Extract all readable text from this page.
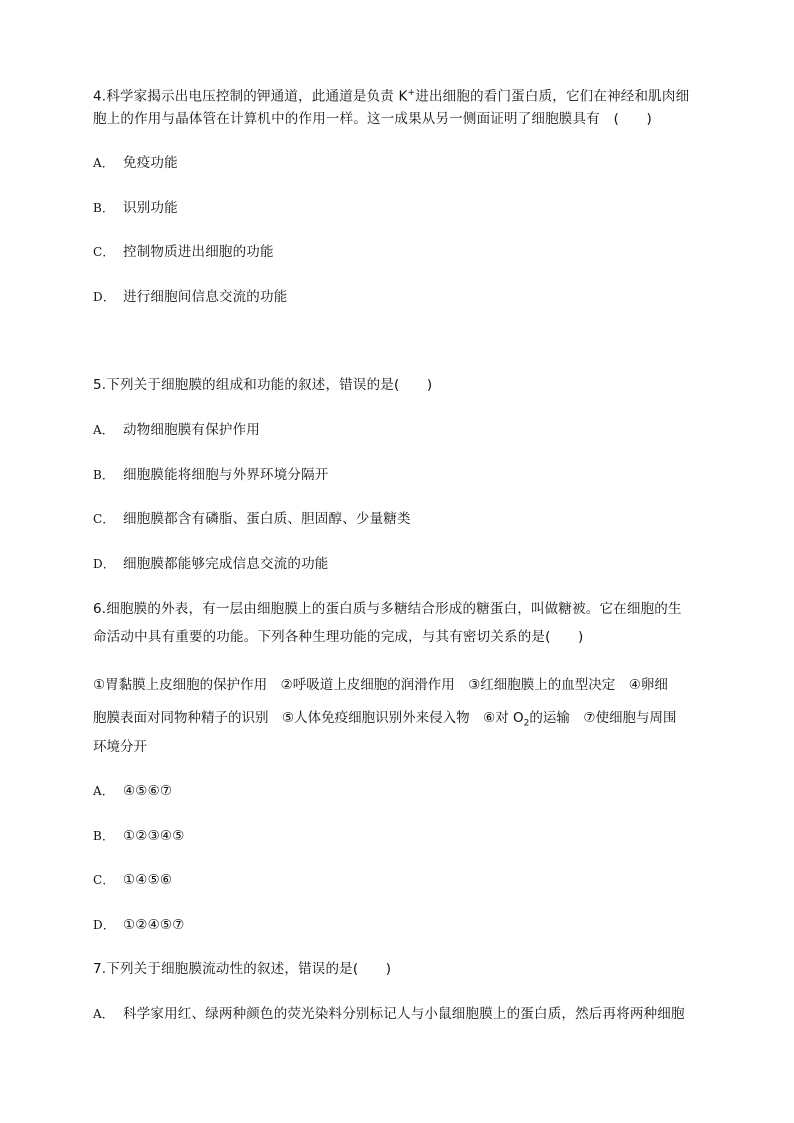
4.科学家揭示出电压控制的钾通道，此通道是负责 K+进出细胞的看门蛋白质，它们在神经和肌肉细

胞上的作用与晶体管在计算机中的作用一样。这一成果从另一侧面证明了细胞膜具有　(　　)

A． 免疫功能

B． 识别功能

C． 控制物质进出细胞的功能

D． 进行细胞间信息交流的功能

5.下列关于细胞膜的组成和功能的叙述，错误的是(　　)

A． 动物细胞膜有保护作用

B． 细胞膜能将细胞与外界环境分隔开

C． 细胞膜都含有磷脂、蛋白质、胆固醇、少量糖类

D． 细胞膜都能够完成信息交流的功能

6.细胞膜的外表，有一层由细胞膜上的蛋白质与多糖结合形成的糖蛋白，叫做糖被。它在细胞的生

命活动中具有重要的功能。下列各种生理功能的完成，与其有密切关系的是(　　)

①胃黏膜上皮细胞的保护作用　②呼吸道上皮细胞的润滑作用　③红细胞膜上的血型决定　④卵细

胞膜表面对同物种精子的识别　⑤人体免疫细胞识别外来侵入物　⑥对 $O_2$的运输　⑦使细胞与周围

环境分开

A． ④⑤⑥⑦

B． ①②③④⑤

C． ①④⑤⑥

D． ①②④⑤⑦

7.下列关于细胞膜流动性的叙述，错误的是(　　)

A． 科学家用红、绿两种颜色的荧光染料分别标记人与小鼠细胞膜上的蛋白质，然后再将两种细胞
